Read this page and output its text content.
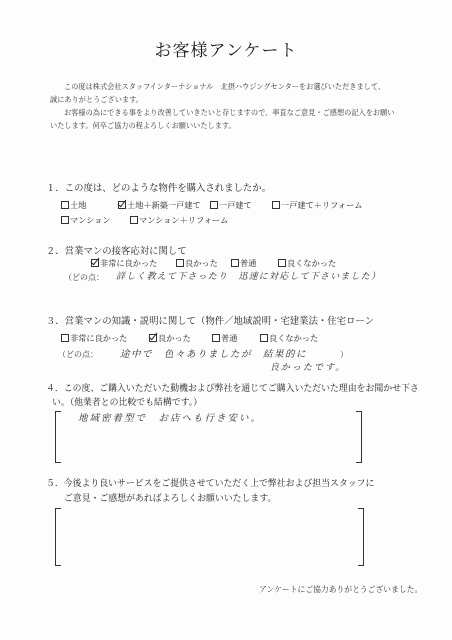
お客様アンケート
この度は株式会社スタッフインターナショナル　北摂ハウジングセンターをお選びいただきまして、
誠にありがとうございます。
お客様の為にできる事をより改善していきたいと存じますので、率直なご意見・ご感想の記入をお願い
いたします。何卒ご協力の程よろしくお願いいたします。
１．この度は、どのような物件を購入されましたか。
土地	土地＋新築一戸建て	一戸建て	一戸建て＋リフォーム
マンション	マンション＋リフォーム
２．営業マンの接客応対に関して
非常に良かった	良かった	普通	良くなかった
（どの点： 詳しく教えて下さったり　迅速に対応して下さいました）
３．営業マンの知識・説明に関して（物件／地域説明・宅建業法・住宅ローン
非常に良かった	良かった	普通	良くなかった
（どの点： 途中で　色々ありましたが　結果的に
良かったです。
）
４．この度、ご購入いただいた動機および弊社を通じてご購入いただいた理由をお聞かせ下さ
い。（他業者との比較でも結構です。）
地域密着型で　お店へも行き安い。
５．今後より良いサービスをご提供させていただく上で弊社および担当スタッフに
ご意見・ご感想があればよろしくお願いいたします。
アンケートにご協力ありがとうございました。
